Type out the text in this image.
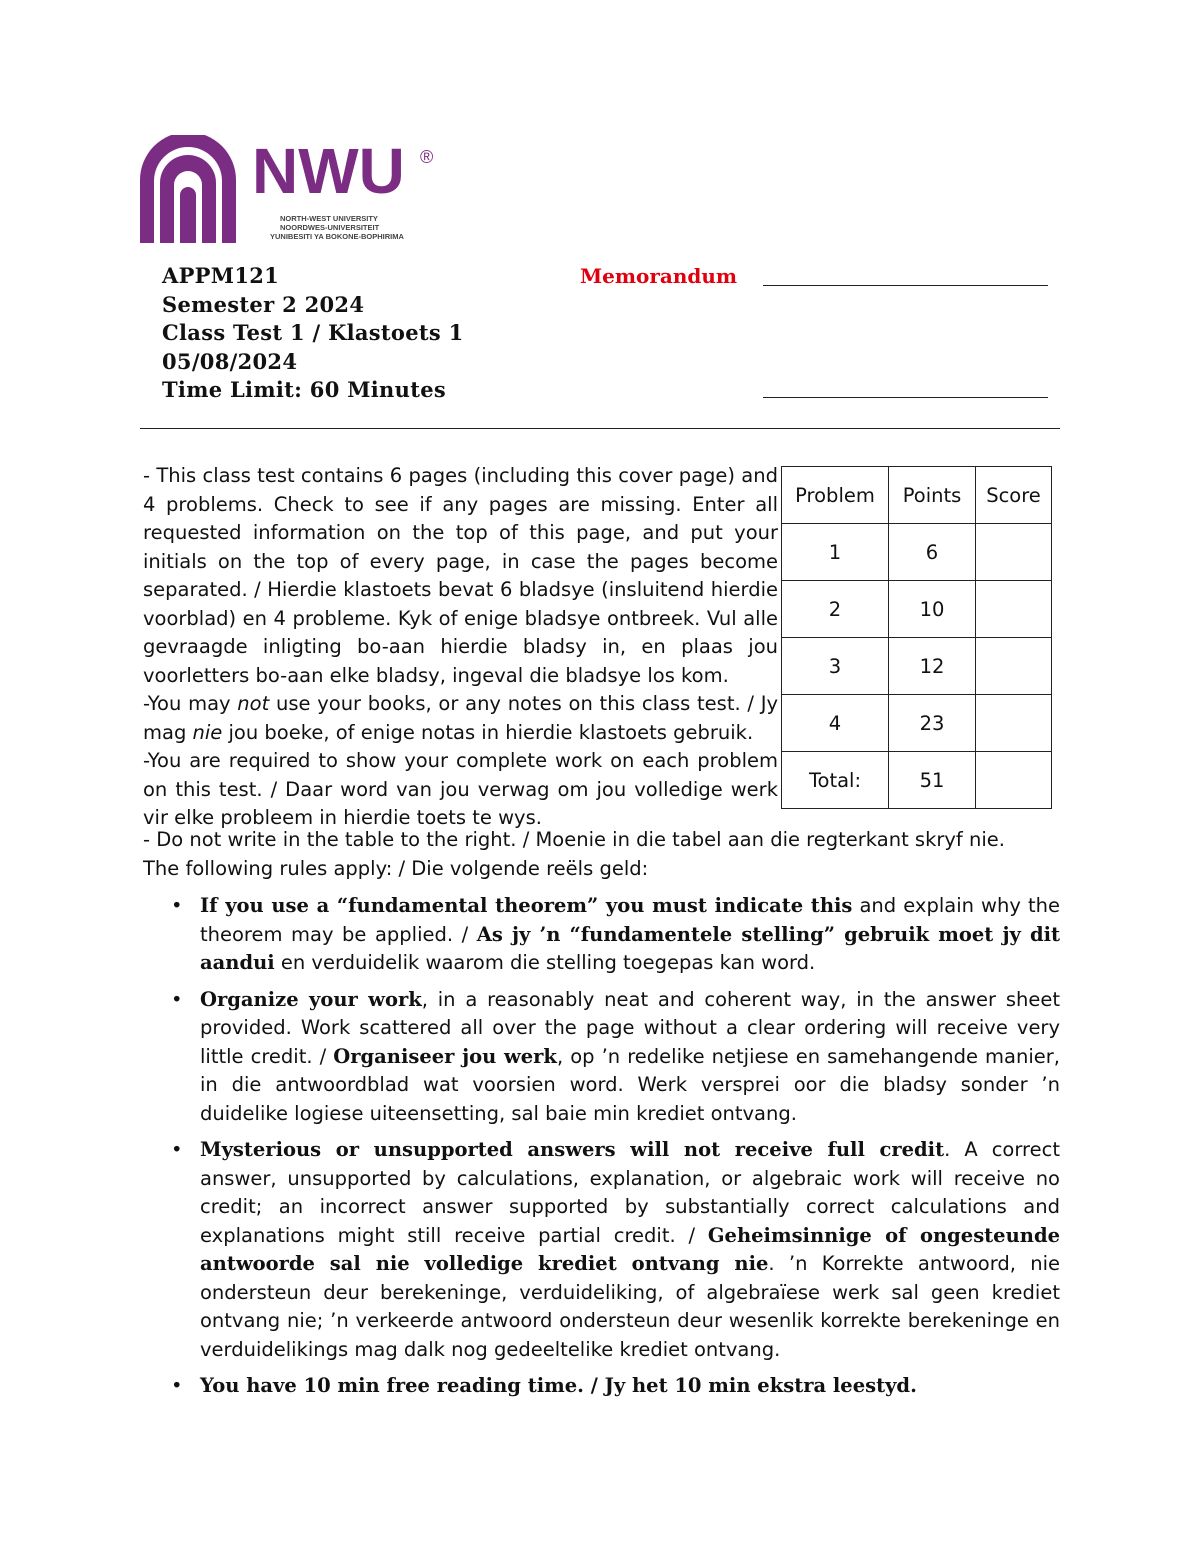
NWU ®
NORTH-WEST UNIVERSITY
NOORDWES-UNIVERSITEIT
YUNIBESITI YA BOKONE-BOPHIRIMA
APPM121
Semester 2 2024
Class Test 1 / Klastoets 1
05/08/2024
Time Limit: 60 Minutes
Memorandum

- This class test contains 6 pages (including this cover page) and 4 problems. Check to see if any pages are missing. Enter all requested information on the top of this page, and put your initials on the top of every page, in case the pages become separated. / Hierdie klastoets bevat 6 bladsye (insluitend hierdie voorblad) en 4 probleme. Kyk of enige bladsye ontbreek. Vul alle gevraagde inligting bo-aan hierdie bladsy in, en plaas jou voorletters bo-aan elke bladsy, ingeval die bladsye los kom.

-You may not use your books, or any notes on this class test. / Jy mag nie jou boeke, of enige notas in hierdie klastoets gebruik.

-You are required to show your complete work on each problem on this test. / Daar word van jou verwag om jou volledige werk vir elke probleem in hierdie toets te wys.

- Do not write in the table to the right. / Moenie in die tabel aan die regterkant skryf nie.

The following rules apply: / Die volgende reëls geld:

Problem	Points	Score
1	6	
2	10	
3	12	
4	23	
Total:	51	
• If you use a “fundamental theorem” you must indicate this and explain why the theorem may be applied. / As jy ’n “fundamentele stelling” gebruik moet jy dit aandui en verduidelik waarom die stelling toegepas kan word.
• Organize your work, in a reasonably neat and coherent way, in the answer sheet provided. Work scattered all over the page without a clear ordering will receive very little credit. / Organiseer jou werk, op ’n redelike netjiese en samehangende manier, in die antwoordblad wat voorsien word. Werk versprei oor die bladsy sonder ’n duidelike logiese uiteensetting, sal baie min krediet ontvang.
• Mysterious or unsupported answers will not receive full credit. A correct answer, unsupported by calculations, explanation, or algebraic work will receive no credit; an incorrect answer supported by substantially correct calculations and explanations might still receive partial credit. / Geheimsinnige of ongesteunde antwoorde sal nie volledige krediet ontvang nie. ’n Korrekte antwoord, nie ondersteun deur berekeninge, verduideliking, of algebraïese werk sal geen krediet ontvang nie; ’n verkeerde antwoord ondersteun deur wesenlik korrekte berekeninge en verduidelikings mag dalk nog gedeeltelike krediet ontvang.
• You have 10 min free reading time. / Jy het 10 min ekstra leestyd.
